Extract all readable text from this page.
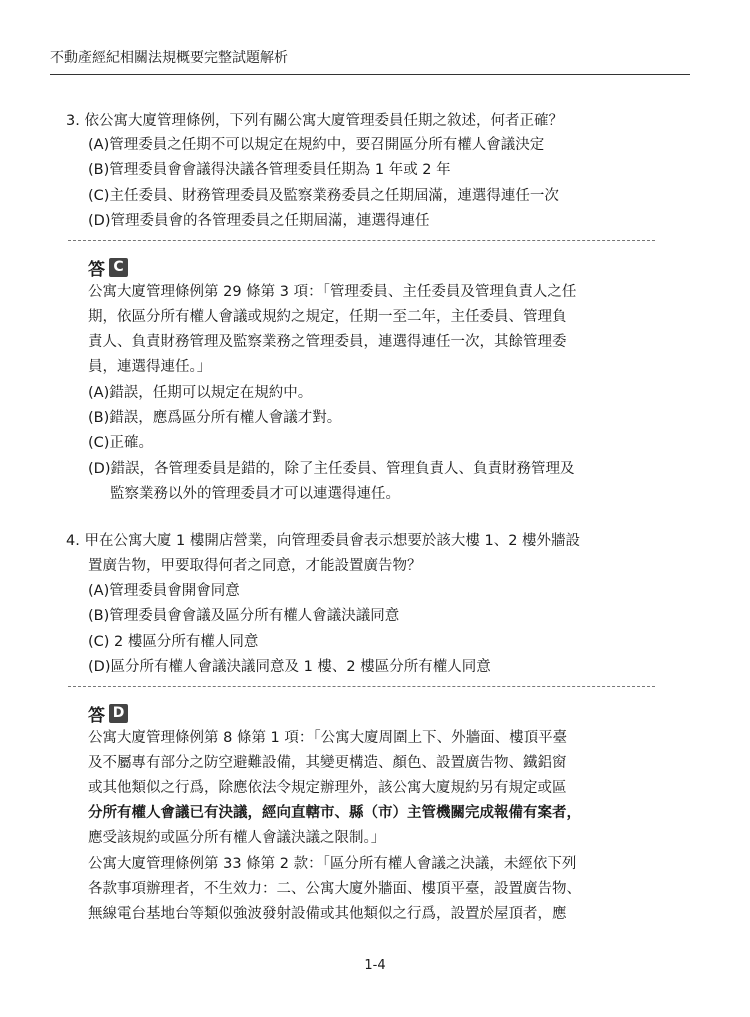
不動產經紀相關法規概要完整試題解析
3. 依公寓大廈管理條例，下列有關公寓大廈管理委員任期之敘述，何者正確？
(A)管理委員之任期不可以規定在規約中，要召開區分所有權人會議決定
(B)管理委員會會議得決議各管理委員任期為 1 年或 2 年
(C)主任委員、財務管理委員及監察業務委員之任期屆滿，連選得連任一次
(D)管理委員會的各管理委員之任期屆滿，連選得連任
答 C
公寓大廈管理條例第 29 條第 3 項：「管理委員、主任委員及管理負責人之任
期，依區分所有權人會議或規約之規定，任期一至二年，主任委員、管理負
責人、負責財務管理及監察業務之管理委員，連選得連任一次，其餘管理委
員，連選得連任。」
(A)錯誤，任期可以規定在規約中。
(B)錯誤，應爲區分所有權人會議才對。
(C)正確。
(D)錯誤，各管理委員是錯的，除了主任委員、管理負責人、負責財務管理及
監察業務以外的管理委員才可以連選得連任。
4. 甲在公寓大廈 1 樓開店營業，向管理委員會表示想要於該大樓 1、2 樓外牆設
置廣告物，甲要取得何者之同意，才能設置廣告物？
(A)管理委員會開會同意
(B)管理委員會會議及區分所有權人會議決議同意
(C) 2 樓區分所有權人同意
(D)區分所有權人會議決議同意及 1 樓、2 樓區分所有權人同意
答 D
公寓大廈管理條例第 8 條第 1 項：「公寓大廈周圍上下、外牆面、樓頂平臺
及不屬專有部分之防空避難設備，其變更構造、顏色、設置廣告物、鐵鋁窗
或其他類似之行爲，除應依法令規定辦理外，該公寓大廈規約另有規定或區
分所有權人會議已有決議，經向直轄市、縣（市）主管機關完成報備有案者，
應受該規約或區分所有權人會議決議之限制。」
公寓大廈管理條例第 33 條第 2 款：「區分所有權人會議之決議，未經依下列
各款事項辦理者，不生效力：二、公寓大廈外牆面、樓頂平臺，設置廣告物、
無線電台基地台等類似強波發射設備或其他類似之行爲，設置於屋頂者，應
1-4
